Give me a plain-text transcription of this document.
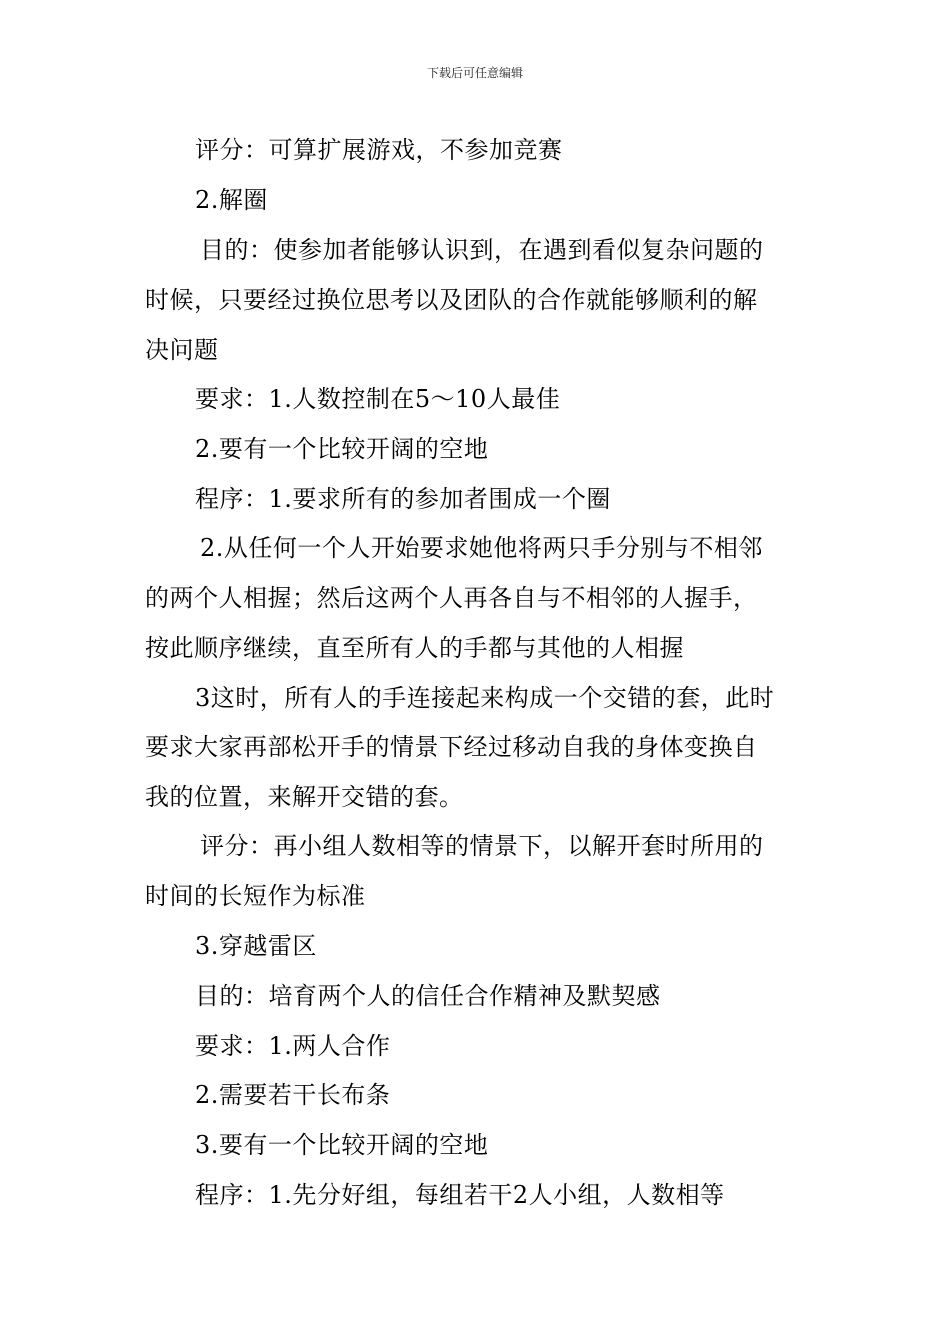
下载后可任意编辑
评分：可算扩展游戏，不参加竞赛
2.解圈
目的：使参加者能够认识到，在遇到看似复杂问题的
时候，只要经过换位思考以及团队的合作就能够顺利的解
决问题
要求：1.人数控制在5～10人最佳
2.要有一个比较开阔的空地
程序：1.要求所有的参加者围成一个圈
2.从任何一个人开始要求她他将两只手分别与不相邻
的两个人相握；然后这两个人再各自与不相邻的人握手，
按此顺序继续，直至所有人的手都与其他的人相握
3这时，所有人的手连接起来构成一个交错的套，此时
要求大家再部松开手的情景下经过移动自我的身体变换自
我的位置，来解开交错的套。
评分：再小组人数相等的情景下，以解开套时所用的
时间的长短作为标准
3.穿越雷区
目的：培育两个人的信任合作精神及默契感
要求：1.两人合作
2.需要若干长布条
3.要有一个比较开阔的空地
程序：1.先分好组，每组若干2人小组，人数相等
